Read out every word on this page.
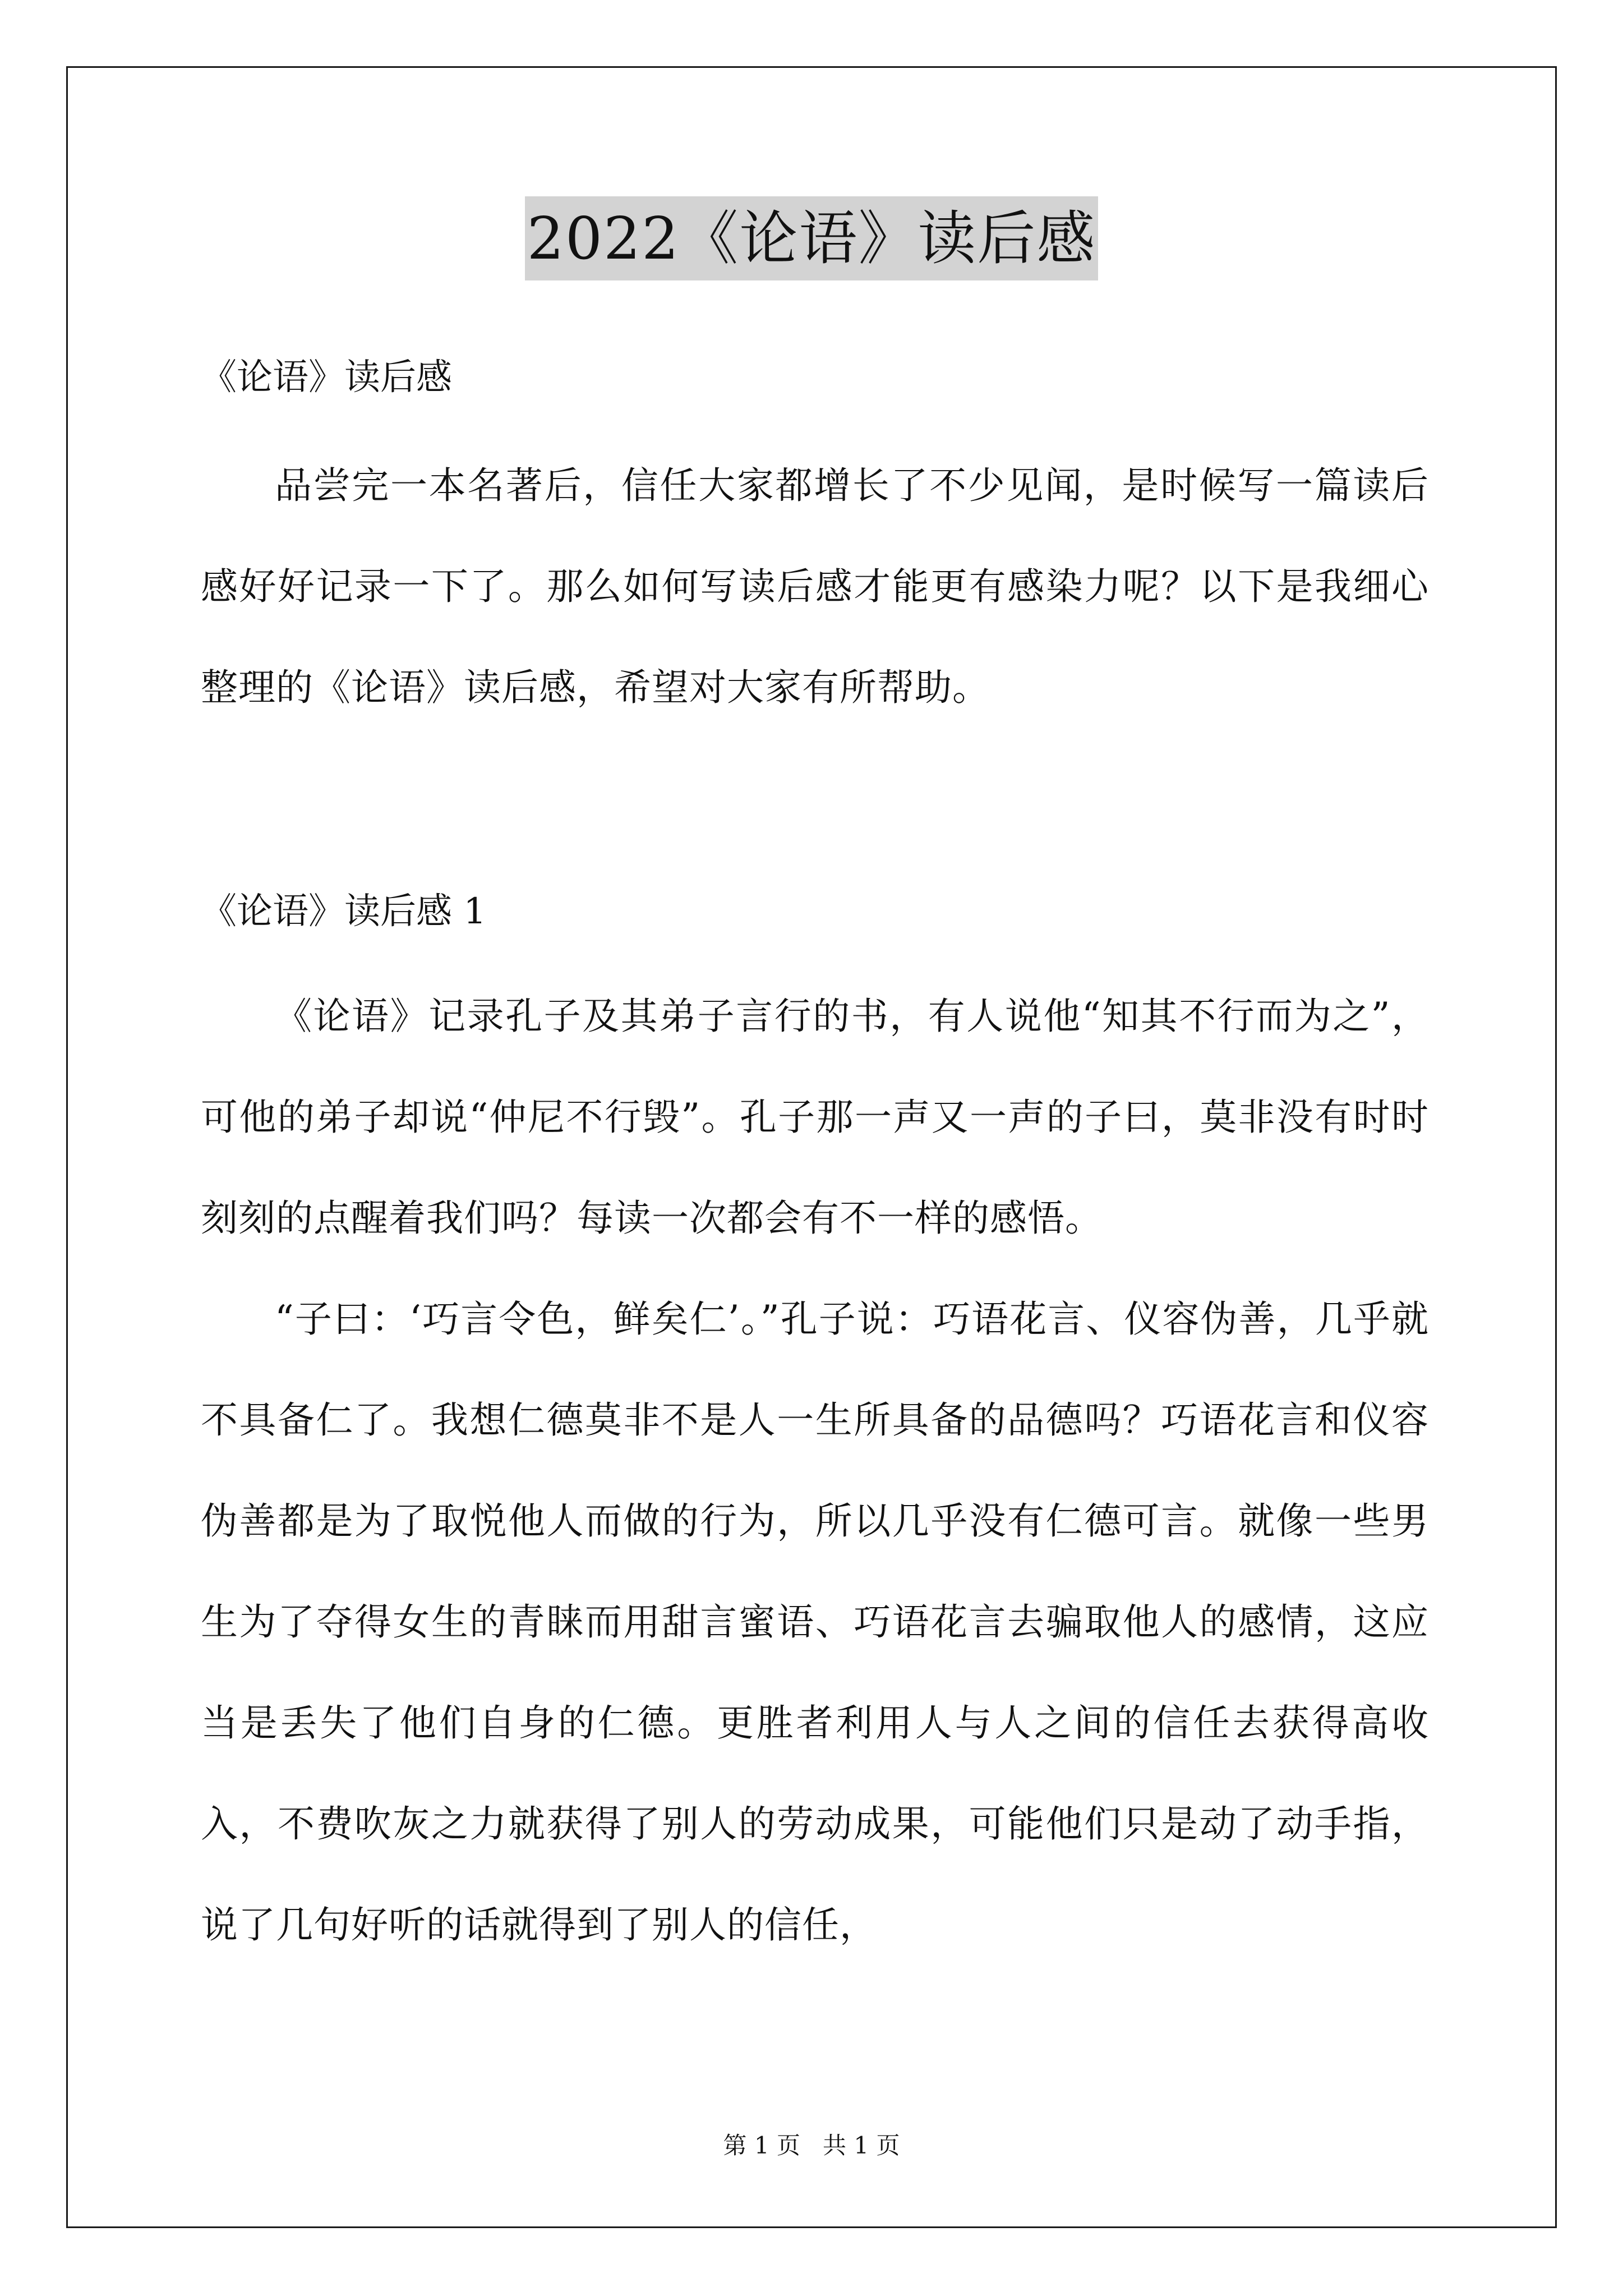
2022《论语》读后感
《论语》读后感

品尝完一本名著后，信任大家都增长了不少见闻，是时候写一篇读后感好好记录一下了。那么如何写读后感才能更有感染力呢？以下是我细心整理的《论语》读后感，希望对大家有所帮助。

《论语》读后感 1

《论语》记录孔子及其弟子言行的书，有人说他“知其不行而为之”，可他的弟子却说“仲尼不行毁”。孔子那一声又一声的子曰，莫非没有时时刻刻的点醒着我们吗？每读一次都会有不一样的感悟。

“子曰：‘巧言令色，鲜矣仁’。”孔子说：巧语花言、仪容伪善，几乎就不具备仁了。我想仁德莫非不是人一生所具备的品德吗？巧语花言和仪容伪善都是为了取悦他人而做的行为，所以几乎没有仁德可言。就像一些男生为了夺得女生的青睐而用甜言蜜语、巧语花言去骗取他人的感情，这应当是丢失了他们自身的仁德。更胜者利用人与人之间的信任去获得高收入，不费吹灰之力就获得了别人的劳动成果，可能他们只是动了动手指，说了几句好听的话就得到了别人的信任，

第 1 页   共 1 页
